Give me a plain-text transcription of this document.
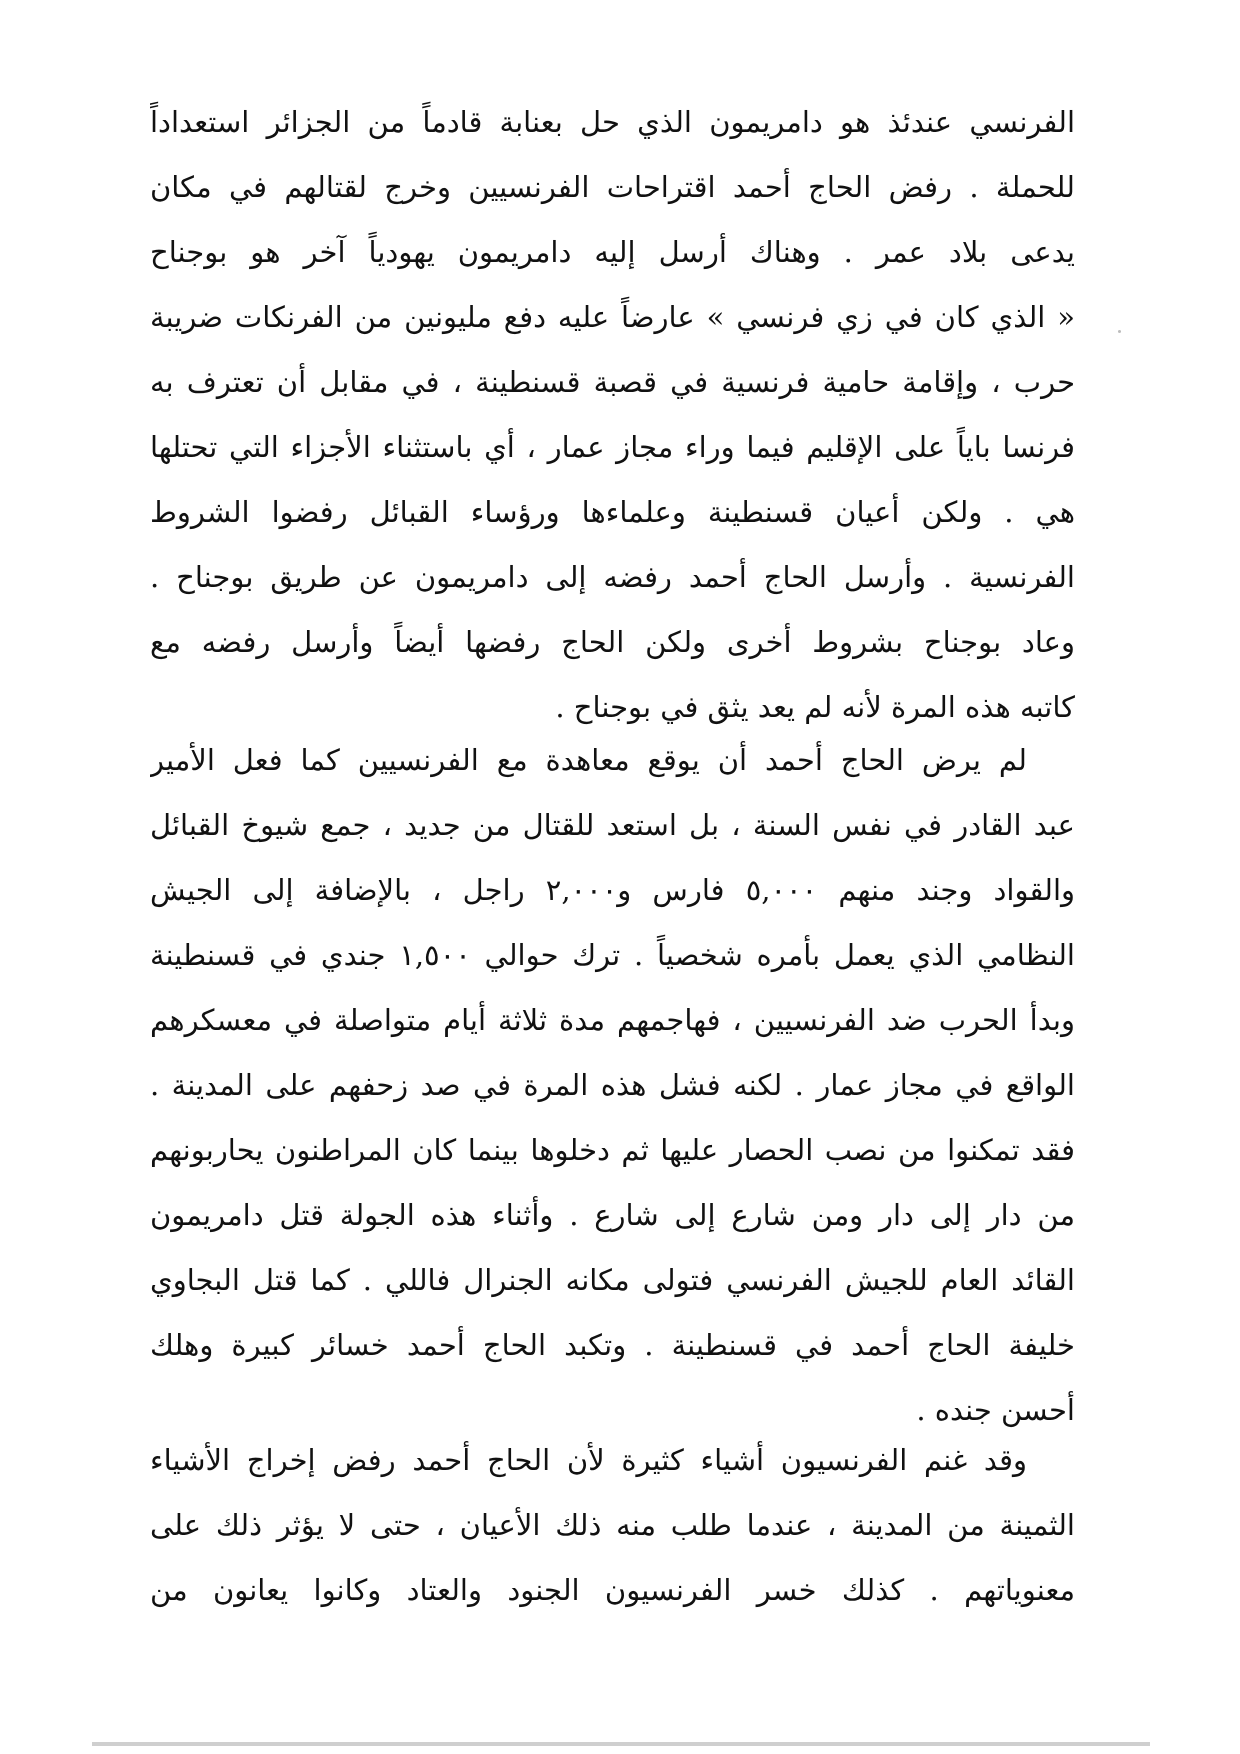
الفرنسي عندئذ هو دامريمون الذي حل بعنابة قادماً من الجزائر استعداداً
للحملة . رفض الحاج أحمد اقتراحات الفرنسيين وخرج لقتالهم في مكان
يدعى بلاد عمر . وهناك أرسل إليه دامريمون يهودياً آخر هو بوجناح
« الذي كان في زي فرنسي » عارضاً عليه دفع مليونين من الفرنكات ضريبة
حرب ، وإقامة حامية فرنسية في قصبة قسنطينة ، في مقابل أن تعترف به
فرنسا باياً على الإقليم فيما وراء مجاز عمار ، أي باستثناء الأجزاء التي تحتلها
هي . ولكن أعيان قسنطينة وعلماءها ورؤساء القبائل رفضوا الشروط
الفرنسية . وأرسل الحاج أحمد رفضه إلى دامريمون عن طريق بوجناح .
وعاد بوجناح بشروط أخرى ولكن الحاج رفضها أيضاً وأرسل رفضه مع
كاتبه هذه المرة لأنه لم يعد يثق في بوجناح .
لم يرض الحاج أحمد أن يوقع معاهدة مع الفرنسيين كما فعل الأمير
عبد القادر في نفس السنة ، بل استعد للقتال من جديد ، جمع شيوخ القبائل
والقواد وجند منهم ٥,٠٠٠ فارس و٢,٠٠٠ راجل ، بالإضافة إلى الجيش
النظامي الذي يعمل بأمره شخصياً . ترك حوالي ١,٥٠٠ جندي في قسنطينة
وبدأ الحرب ضد الفرنسيين ، فهاجمهم مدة ثلاثة أيام متواصلة في معسكرهم
الواقع في مجاز عمار . لكنه فشل هذه المرة في صد زحفهم على المدينة .
فقد تمكنوا من نصب الحصار عليها ثم دخلوها بينما كان المراطنون يحاربونهم
من دار إلى دار ومن شارع إلى شارع . وأثناء هذه الجولة قتل دامريمون
القائد العام للجيش الفرنسي فتولى مكانه الجنرال فاللي . كما قتل البجاوي
خليفة الحاج أحمد في قسنطينة . وتكبد الحاج أحمد خسائر كبيرة وهلك
أحسن جنده .
وقد غنم الفرنسيون أشياء كثيرة لأن الحاج أحمد رفض إخراج الأشياء
الثمينة من المدينة ، عندما طلب منه ذلك الأعيان ، حتى لا يؤثر ذلك على
معنوياتهم . كذلك خسر الفرنسيون الجنود والعتاد وكانوا يعانون من
